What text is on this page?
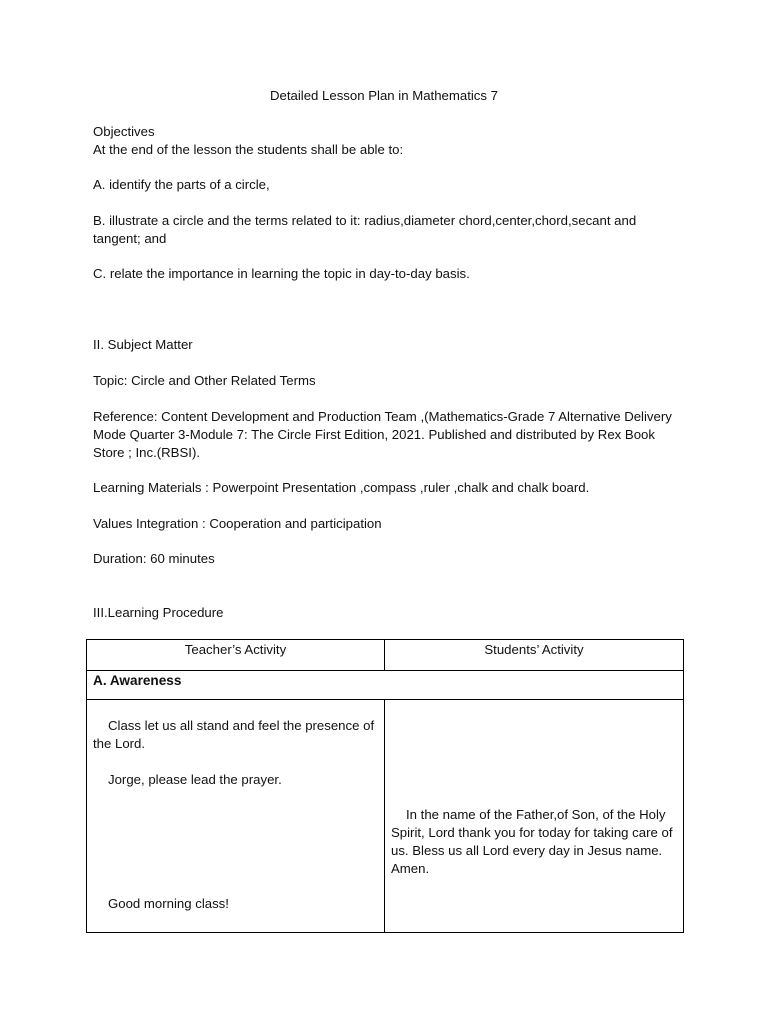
Detailed Lesson Plan in Mathematics 7
Objectives
At the end of the lesson the students shall be able to:
A. identify the parts of a circle,
B. illustrate a circle and the terms related to it: radius,diameter chord,center,chord,secant and tangent; and
C. relate the importance in learning the topic in day-to-day basis.
II. Subject Matter
Topic: Circle and Other Related Terms
Reference: Content Development and Production Team ,(Mathematics-Grade 7 Alternative Delivery Mode Quarter 3-Module 7: The Circle First Edition, 2021. Published and distributed by Rex Book Store ; Inc.(RBSI).
Learning Materials : Powerpoint Presentation ,compass ,ruler ,chalk and chalk board.
Values Integration : Cooperation and participation
Duration: 60 minutes
III.Learning Procedure
Teacher’s Activity	Students’ Activity

A. Awareness	

Class let us all stand and feel the presence of the Lord.
Jorge, please lead the prayer.
Good morning class!	In the name of the Father,of Son, of the Holy Spirit, Lord thank you for today for taking care of us. Bless us all Lord every day in Jesus name. Amen.
